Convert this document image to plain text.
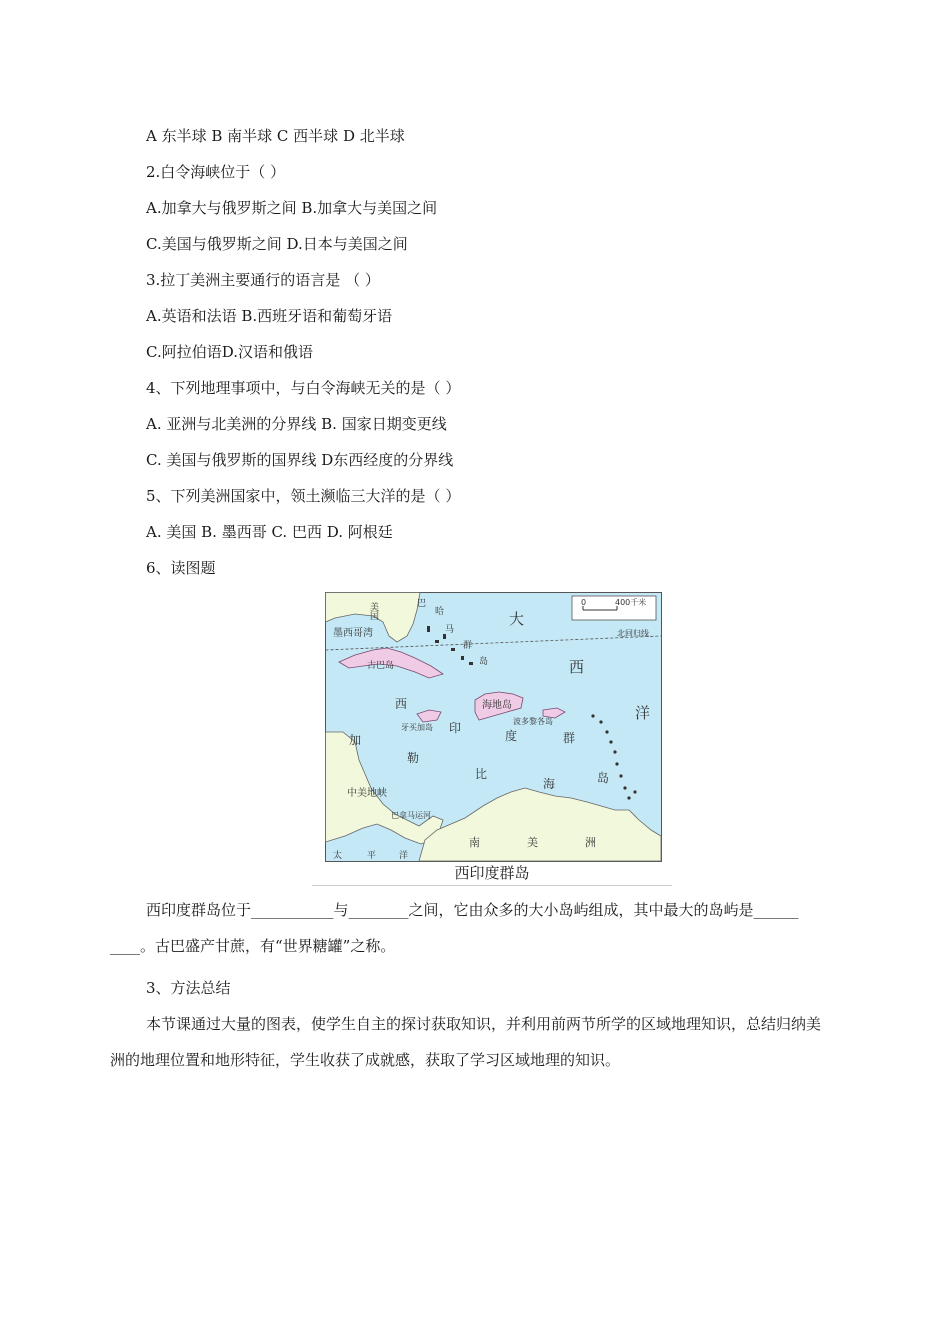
A 东半球 B 南半球 C 西半球 D 北半球
2.白令海峡位于（ ）
A.加拿大与俄罗斯之间 B.加拿大与美国之间
C.美国与俄罗斯之间 D.日本与美国之间
3.拉丁美洲主要通行的语言是 （ ）
A.英语和法语 B.西班牙语和葡萄牙语
C.阿拉伯语D.汉语和俄语
4、下列地理事项中，与白令海峡无关的是（ ）
A. 亚洲与北美洲的分界线 B. 国家日期变更线
C. 美国与俄罗斯的国界线 D东西经度的分界线
5、下列美洲国家中，领土濒临三大洋的是（ ）
A. 美国 B. 墨西哥 C. 巴西 D. 阿根廷
6、读图题
北回归线
0	400千米
美国
墨西哥湾
巴
哈
马
群
岛
古巴岛
牙买加岛
海地岛
波多黎各岛
大
西
洋
西
印
度	群
岛
加
勒
比
海
中美地峡
巴拿马运河
南	美	洲
太	平	洋
西印度群岛

西印度群岛位于___________与________之间，它由众多的大小岛屿组成，其中最大的岛屿是______ ____。古巴盛产甘蔗，有“世界糖罐”之称。

3、方法总结

本节课通过大量的图表，使学生自主的探讨获取知识，并利用前两节所学的区域地理知识，总结归纳美洲的地理位置和地形特征，学生收获了成就感，获取了学习区域地理的知识。
